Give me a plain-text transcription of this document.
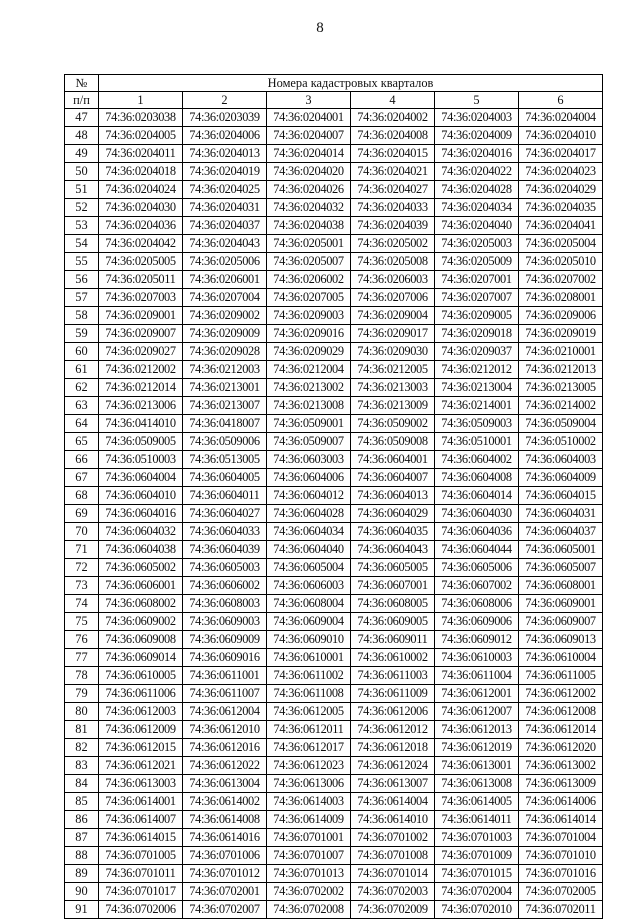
8
№	Номера кадастровых кварталов					
п/п	1	2	3	4	5	6
47	74:36:0203038	74:36:0203039	74:36:0204001	74:36:0204002	74:36:0204003	74:36:0204004
48	74:36:0204005	74:36:0204006	74:36:0204007	74:36:0204008	74:36:0204009	74:36:0204010
49	74:36:0204011	74:36:0204013	74:36:0204014	74:36:0204015	74:36:0204016	74:36:0204017
50	74:36:0204018	74:36:0204019	74:36:0204020	74:36:0204021	74:36:0204022	74:36:0204023
51	74:36:0204024	74:36:0204025	74:36:0204026	74:36:0204027	74:36:0204028	74:36:0204029
52	74:36:0204030	74:36:0204031	74:36:0204032	74:36:0204033	74:36:0204034	74:36:0204035
53	74:36:0204036	74:36:0204037	74:36:0204038	74:36:0204039	74:36:0204040	74:36:0204041
54	74:36:0204042	74:36:0204043	74:36:0205001	74:36:0205002	74:36:0205003	74:36:0205004
55	74:36:0205005	74:36:0205006	74:36:0205007	74:36:0205008	74:36:0205009	74:36:0205010
56	74:36:0205011	74:36:0206001	74:36:0206002	74:36:0206003	74:36:0207001	74:36:0207002
57	74:36:0207003	74:36:0207004	74:36:0207005	74:36:0207006	74:36:0207007	74:36:0208001
58	74:36:0209001	74:36:0209002	74:36:0209003	74:36:0209004	74:36:0209005	74:36:0209006
59	74:36:0209007	74:36:0209009	74:36:0209016	74:36:0209017	74:36:0209018	74:36:0209019
60	74:36:0209027	74:36:0209028	74:36:0209029	74:36:0209030	74:36:0209037	74:36:0210001
61	74:36:0212002	74:36:0212003	74:36:0212004	74:36:0212005	74:36:0212012	74:36:0212013
62	74:36:0212014	74:36:0213001	74:36:0213002	74:36:0213003	74:36:0213004	74:36:0213005
63	74:36:0213006	74:36:0213007	74:36:0213008	74:36:0213009	74:36:0214001	74:36:0214002
64	74:36:0414010	74:36:0418007	74:36:0509001	74:36:0509002	74:36:0509003	74:36:0509004
65	74:36:0509005	74:36:0509006	74:36:0509007	74:36:0509008	74:36:0510001	74:36:0510002
66	74:36:0510003	74:36:0513005	74:36:0603003	74:36:0604001	74:36:0604002	74:36:0604003
67	74:36:0604004	74:36:0604005	74:36:0604006	74:36:0604007	74:36:0604008	74:36:0604009
68	74:36:0604010	74:36:0604011	74:36:0604012	74:36:0604013	74:36:0604014	74:36:0604015
69	74:36:0604016	74:36:0604027	74:36:0604028	74:36:0604029	74:36:0604030	74:36:0604031
70	74:36:0604032	74:36:0604033	74:36:0604034	74:36:0604035	74:36:0604036	74:36:0604037
71	74:36:0604038	74:36:0604039	74:36:0604040	74:36:0604043	74:36:0604044	74:36:0605001
72	74:36:0605002	74:36:0605003	74:36:0605004	74:36:0605005	74:36:0605006	74:36:0605007
73	74:36:0606001	74:36:0606002	74:36:0606003	74:36:0607001	74:36:0607002	74:36:0608001
74	74:36:0608002	74:36:0608003	74:36:0608004	74:36:0608005	74:36:0608006	74:36:0609001
75	74:36:0609002	74:36:0609003	74:36:0609004	74:36:0609005	74:36:0609006	74:36:0609007
76	74:36:0609008	74:36:0609009	74:36:0609010	74:36:0609011	74:36:0609012	74:36:0609013
77	74:36:0609014	74:36:0609016	74:36:0610001	74:36:0610002	74:36:0610003	74:36:0610004
78	74:36:0610005	74:36:0611001	74:36:0611002	74:36:0611003	74:36:0611004	74:36:0611005
79	74:36:0611006	74:36:0611007	74:36:0611008	74:36:0611009	74:36:0612001	74:36:0612002
80	74:36:0612003	74:36:0612004	74:36:0612005	74:36:0612006	74:36:0612007	74:36:0612008
81	74:36:0612009	74:36:0612010	74:36:0612011	74:36:0612012	74:36:0612013	74:36:0612014
82	74:36:0612015	74:36:0612016	74:36:0612017	74:36:0612018	74:36:0612019	74:36:0612020
83	74:36:0612021	74:36:0612022	74:36:0612023	74:36:0612024	74:36:0613001	74:36:0613002
84	74:36:0613003	74:36:0613004	74:36:0613006	74:36:0613007	74:36:0613008	74:36:0613009
85	74:36:0614001	74:36:0614002	74:36:0614003	74:36:0614004	74:36:0614005	74:36:0614006
86	74:36:0614007	74:36:0614008	74:36:0614009	74:36:0614010	74:36:0614011	74:36:0614014
87	74:36:0614015	74:36:0614016	74:36:0701001	74:36:0701002	74:36:0701003	74:36:0701004
88	74:36:0701005	74:36:0701006	74:36:0701007	74:36:0701008	74:36:0701009	74:36:0701010
89	74:36:0701011	74:36:0701012	74:36:0701013	74:36:0701014	74:36:0701015	74:36:0701016
90	74:36:0701017	74:36:0702001	74:36:0702002	74:36:0702003	74:36:0702004	74:36:0702005
91	74:36:0702006	74:36:0702007	74:36:0702008	74:36:0702009	74:36:0702010	74:36:0702011
